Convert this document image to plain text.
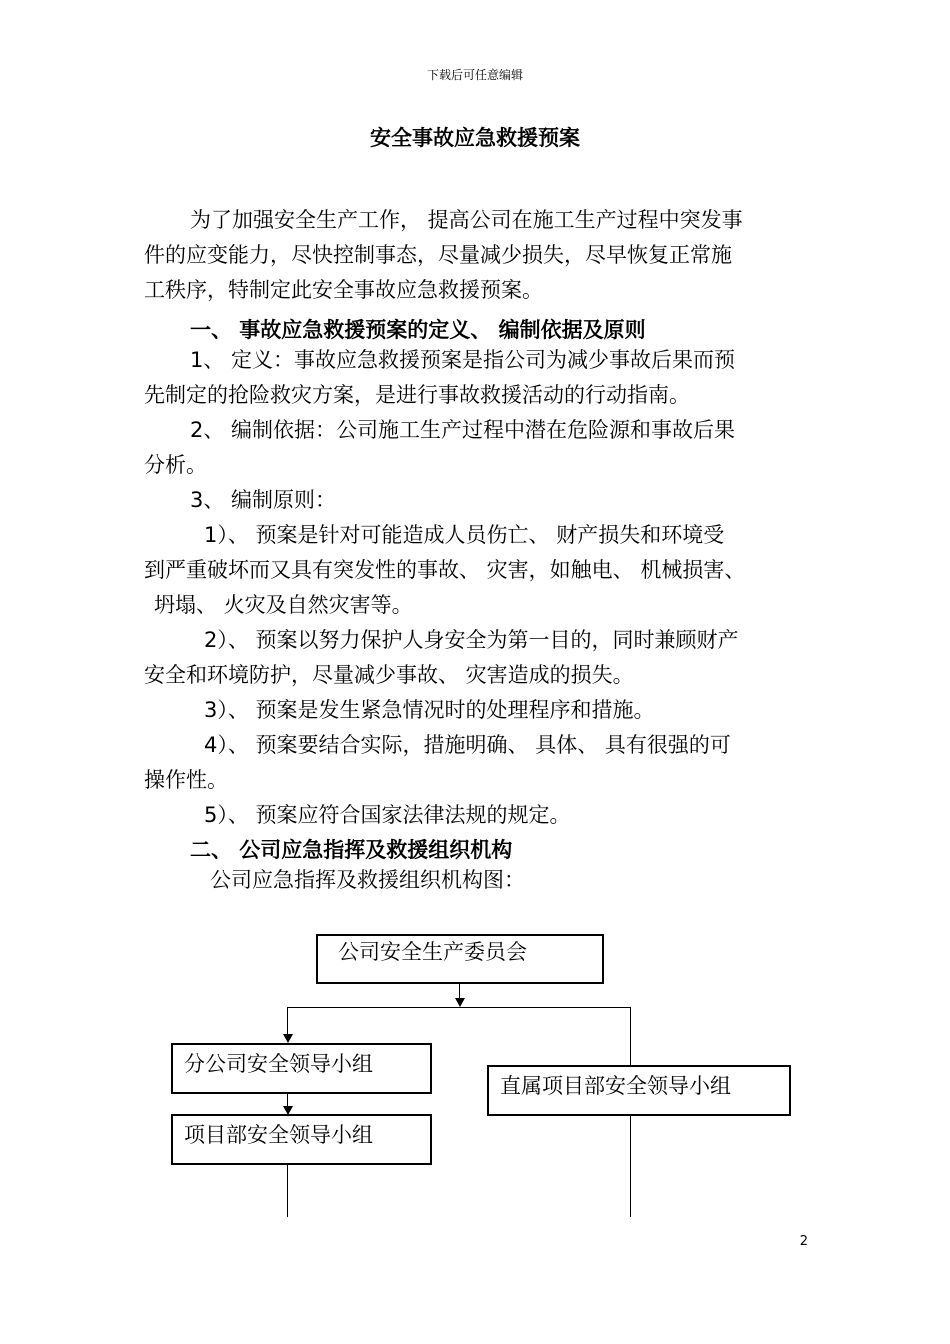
下载后可任意编辑
安全事故应急救援预案
为了加强安全生产工作， 提高公司在施工生产过程中突发事
件的应变能力，尽快控制事态，尽量减少损失，尽早恢复正常施
工秩序，特制定此安全事故应急救援预案。
一、 事故应急救援预案的定义、 编制依据及原则
1、 定义：事故应急救援预案是指公司为减少事故后果而预
先制定的抢险救灾方案，是进行事故救援活动的行动指南。
2、 编制依据：公司施工生产过程中潜在危险源和事故后果
分析。
3、 编制原则：
1）、 预案是针对可能造成人员伤亡、 财产损失和环境受
到严重破坏而又具有突发性的事故、 灾害，如触电、 机械损害、
坍塌、 火灾及自然灾害等。
2）、 预案以努力保护人身安全为第一目的，同时兼顾财产
安全和环境防护，尽量减少事故、 灾害造成的损失。
3）、 预案是发生紧急情况时的处理程序和措施。
4）、 预案要结合实际，措施明确、 具体、 具有很强的可
操作性。
5）、 预案应符合国家法律法规的规定。
二、 公司应急指挥及救援组织机构
公司应急指挥及救援组织机构图：
公司安全生产委员会
分公司安全领导小组
项目部安全领导小组
直属项目部安全领导小组
2
